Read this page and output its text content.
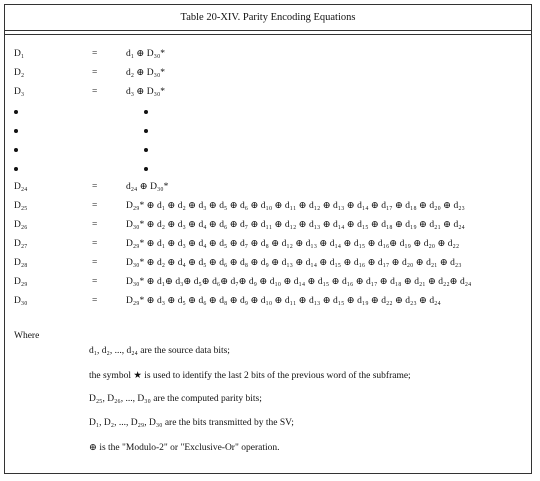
Table 20-XIV. Parity Encoding Equations
D₁	=	d₁ ⊕ D₃₀*
D₂	=	d₂ ⊕ D₃₀*
D₃	=	d₃ ⊕ D₃₀*
D₂₄	=	d₂₄ ⊕ D₃₀*
D₂₅	=	D₂₉* ⊕ d₁ ⊕ d₂ ⊕ d₃ ⊕ d₅ ⊕ d₆ ⊕ d₁₀ ⊕ d₁₁ ⊕ d₁₂ ⊕ d₁₃ ⊕ d₁₄ ⊕ d₁₇ ⊕ d₁₈ ⊕ d₂₀ ⊕ d₂₃
D₂₆	=	D₃₀* ⊕ d₂ ⊕ d₃ ⊕ d₄ ⊕ d₆ ⊕ d₇ ⊕ d₁₁ ⊕ d₁₂ ⊕ d₁₃ ⊕ d₁₄ ⊕ d₁₅ ⊕ d₁₈ ⊕ d₁₉ ⊕ d₂₁ ⊕ d₂₄
D₂₇	=	D₂₉* ⊕ d₁ ⊕ d₃ ⊕ d₄ ⊕ d₅ ⊕ d₇ ⊕ d₈ ⊕ d₁₂ ⊕ d₁₃ ⊕ d₁₄ ⊕ d₁₅ ⊕ d₁₆⊕ d₁₉ ⊕ d₂₀ ⊕ d₂₂
D₂₈	=	D₃₀* ⊕ d₂ ⊕ d₄ ⊕ d₅ ⊕ d₆ ⊕ d₈ ⊕ d₉ ⊕ d₁₃ ⊕ d₁₄ ⊕ d₁₅ ⊕ d₁₆ ⊕ d₁₇ ⊕ d₂₀ ⊕ d₂₁ ⊕ d₂₃
D₂₉	=	D₃₀* ⊕ d₁⊕ d₃⊕ d₅⊕ d₆⊕ d₇⊕ d₉ ⊕ d₁₀ ⊕ d₁₄ ⊕ d₁₅ ⊕ d₁₆ ⊕ d₁₇ ⊕ d₁₈ ⊕ d₂₁ ⊕ d₂₂⊕ d₂₄
D₃₀	=	D₂₉* ⊕ d₃ ⊕ d₅ ⊕ d₆ ⊕ d₈ ⊕ d₉ ⊕ d₁₀ ⊕ d₁₁ ⊕ d₁₃ ⊕ d₁₅ ⊕ d₁₉ ⊕ d₂₂ ⊕ d₂₃ ⊕ d₂₄
Where
d₁, d₂, ..., d₂₄ are the source data bits;
the symbol ★ is used to identify the last 2 bits of the previous word of the subframe;
D₂₅, D₂₆, ..., D₃₀ are the computed parity bits;
D₁, D₂, ..., D₂₉, D₃₀ are the bits transmitted by the SV;
⊕ is the "Modulo-2" or "Exclusive-Or" operation.
